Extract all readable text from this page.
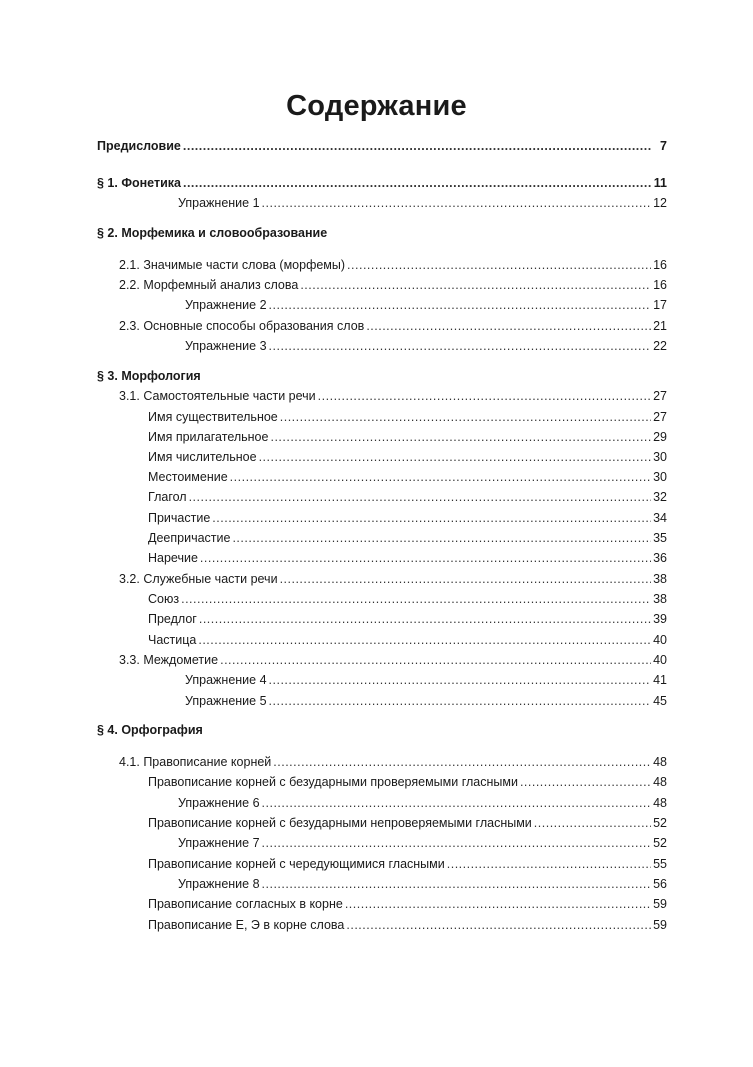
Содержание
Предисловие .....	7
§ 1. Фонетика .....	11
Упражнение 1 .....	12
§ 2. Морфемика и словообразование
2.1. Значимые части слова (морфемы) .....	16
2.2. Морфемный анализ слова .....	16
Упражнение 2 .....	17
2.3. Основные способы образования слов .....	21
Упражнение 3 .....	22
§ 3. Морфология
3.1. Самостоятельные части речи .....	27
Имя существительное .....	27
Имя прилагательное .....	29
Имя числительное .....	30
Местоимение .....	30
Глагол .....	32
Причастие .....	34
Деепричастие .....	35
Наречие .....	36
3.2. Служебные части речи .....	38
Союз .....	38
Предлог .....	39
Частица .....	40
3.3. Междометие .....	40
Упражнение 4 .....	41
Упражнение 5 .....	45
§ 4. Орфография
4.1. Правописание корней .....	48
Правописание корней с безударными проверяемыми гласными .....	48
Упражнение 6 .....	48
Правописание корней с безударными непроверяемыми гласными .....	52
Упражнение 7 .....	52
Правописание корней с чередующимися гласными .....	55
Упражнение 8 .....	56
Правописание согласных в корне .....	59
Правописание Е, Э в корне слова .....	59
